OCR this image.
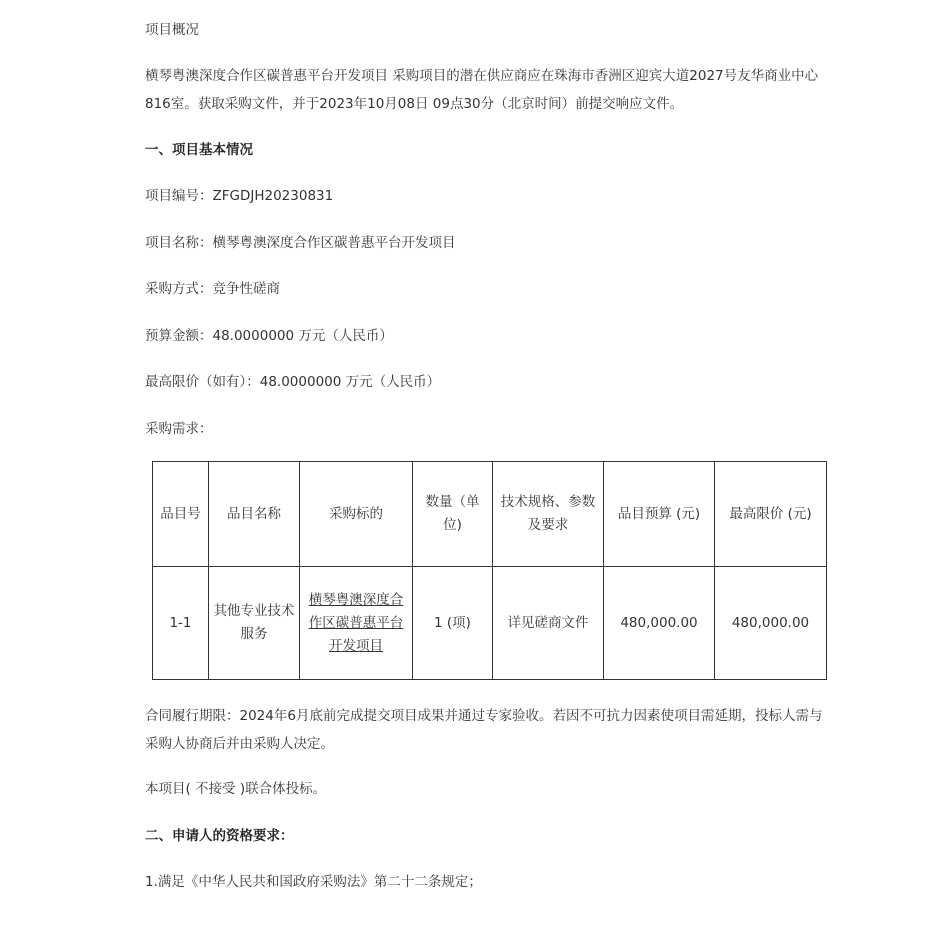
项目概况
横琴粤澳深度合作区碳普惠平台开发项目 采购项目的潜在供应商应在珠海市香洲区迎宾大道2027号友华商业中心816室。获取采购文件，并于2023年10月08日 09点30分（北京时间）前提交响应文件。
一、项目基本情况
项目编号：ZFGDJH20230831
项目名称：横琴粤澳深度合作区碳普惠平台开发项目
采购方式：竞争性磋商
预算金额：48.0000000 万元（人民币）
最高限价（如有）：48.0000000 万元（人民币）
采购需求：
品目号	品目名称	采购标的	数量（单位)	技术规格、参数及要求	品目预算 (元)	最高限价 (元)
1-1	其他专业技术服务	横琴粤澳深度合作区碳普惠平台开发项目	1 (项)	详见磋商文件	480,000.00	480,000.00
合同履行期限：2024年6月底前完成提交项目成果并通过专家验收。若因不可抗力因素使项目需延期，投标人需与采购人协商后并由采购人决定。
本项目( 不接受 )联合体投标。
二、申请人的资格要求：
1.满足《中华人民共和国政府采购法》第二十二条规定；
